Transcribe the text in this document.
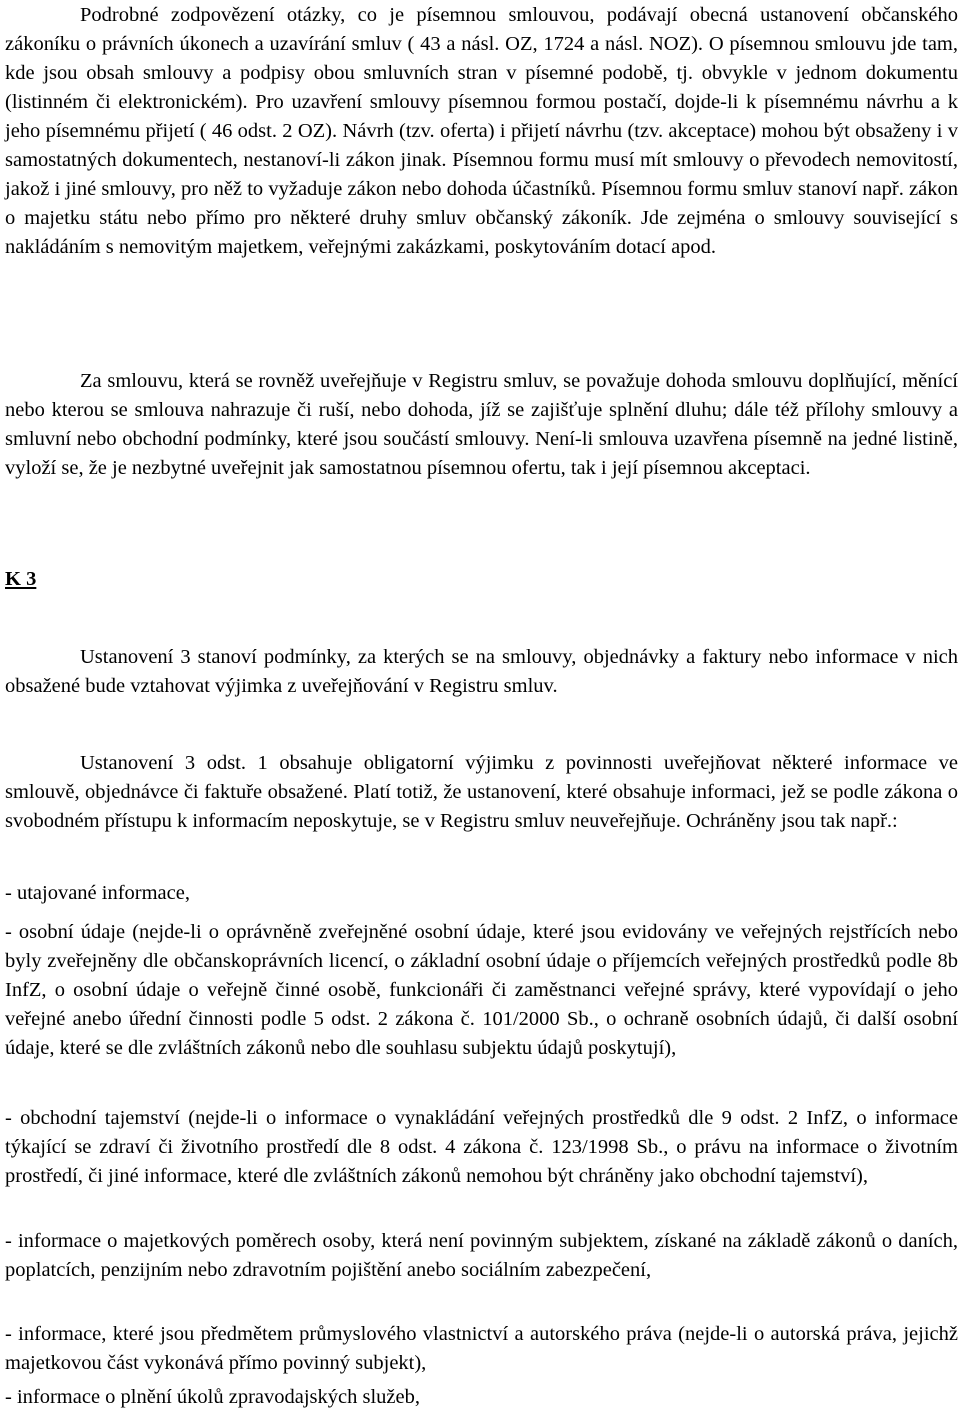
Podrobné zodpovězení otázky, co je písemnou smlouvou, podávají obecná ustanovení občanského zákoníku o právních úkonech a uzavírání smluv ( 43 a násl. OZ, 1724 a násl. NOZ). O písemnou smlouvu jde tam, kde jsou obsah smlouvy a podpisy obou smluvních stran v písemné podobě, tj. obvykle v jednom dokumentu (listinném či elektronickém). Pro uzavření smlouvy písemnou formou postačí, dojde-li k písemnému návrhu a k jeho písemnému přijetí ( 46 odst. 2 OZ). Návrh (tzv. oferta) i přijetí návrhu (tzv. akceptace) mohou být obsaženy i v samostatných dokumentech, nestanoví-li zákon jinak. Písemnou formu musí mít smlouvy o převodech nemovitostí, jakož i jiné smlouvy, pro něž to vyžaduje zákon nebo dohoda účastníků. Písemnou formu smluv stanoví např. zákon o majetku státu nebo přímo pro některé druhy smluv občanský zákoník. Jde zejména o smlouvy související s nakládáním s nemovitým majetkem, veřejnými zakázkami, poskytováním dotací apod.

Za smlouvu, která se rovněž uveřejňuje v Registru smluv, se považuje dohoda smlouvu doplňující, měnící nebo kterou se smlouva nahrazuje či ruší, nebo dohoda, jíž se zajišťuje splnění dluhu; dále též přílohy smlouvy a smluvní nebo obchodní podmínky, které jsou součástí smlouvy. Není-li smlouva uzavřena písemně na jedné listině, vyloží se, že je nezbytné uveřejnit jak samostatnou písemnou ofertu, tak i její písemnou akceptaci.

K 3

Ustanovení 3 stanoví podmínky, za kterých se na smlouvy, objednávky a faktury nebo informace v nich obsažené bude vztahovat výjimka z uveřejňování v Registru smluv.

Ustanovení 3 odst. 1 obsahuje obligatorní výjimku z povinnosti uveřejňovat některé informace ve smlouvě, objednávce či faktuře obsažené. Platí totiž, že ustanovení, které obsahuje informaci, jež se podle zákona o svobodném přístupu k informacím neposkytuje, se v Registru smluv neuveřejňuje. Ochráněny jsou tak např.:

- utajované informace,

- osobní údaje (nejde-li o oprávněně zveřejněné osobní údaje, které jsou evidovány ve veřejných rejstřících nebo byly zveřejněny dle občanskoprávních licencí, o základní osobní údaje o příjemcích veřejných prostředků podle 8b InfZ, o osobní údaje o veřejně činné osobě, funkcionáři či zaměstnanci veřejné správy, které vypovídají o jeho veřejné anebo úřední činnosti podle 5 odst. 2 zákona č. 101/2000 Sb., o ochraně osobních údajů, či další osobní údaje, které se dle zvláštních zákonů nebo dle souhlasu subjektu údajů poskytují),

- obchodní tajemství (nejde-li o informace o vynakládání veřejných prostředků dle 9 odst. 2 InfZ, o informace týkající se zdraví či životního prostředí dle 8 odst. 4 zákona č. 123/1998 Sb., o právu na informace o životním prostředí, či jiné informace, které dle zvláštních zákonů nemohou být chráněny jako obchodní tajemství),

- informace o majetkových poměrech osoby, která není povinným subjektem, získané na základě zákonů o daních, poplatcích, penzijním nebo zdravotním pojištění anebo sociálním zabezpečení,

- informace, které jsou předmětem průmyslového vlastnictví a autorského práva (nejde-li o autorská práva, jejichž majetkovou část vykonává přímo povinný subjekt),

- informace o plnění úkolů zpravodajských služeb,
